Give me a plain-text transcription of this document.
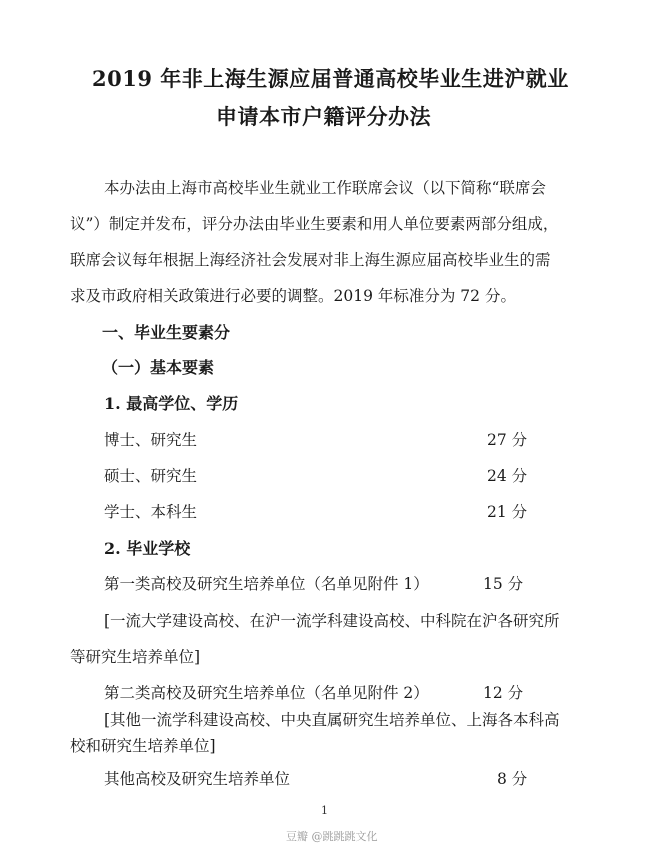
2019 年非上海生源应届普通高校毕业生进沪就业
申请本市户籍评分办法
本办法由上海市高校毕业生就业工作联席会议（以下简称“联席会
议”）制定并发布，评分办法由毕业生要素和用人单位要素两部分组成，
联席会议每年根据上海经济社会发展对非上海生源应届高校毕业生的需
求及市政府相关政策进行必要的调整。2019 年标准分为 72 分。
一、毕业生要素分
（一）基本要素
1. 最高学位、学历
博士、研究生	27 分
硕士、研究生	24 分
学士、本科生	21 分
2. 毕业学校
第一类高校及研究生培养单位（名单见附件 1）	15 分
[一流大学建设高校、在沪一流学科建设高校、中科院在沪各研究所
等研究生培养单位]
第二类高校及研究生培养单位（名单见附件 2）	12 分
[其他一流学科建设高校、中央直属研究生培养单位、上海各本科高
校和研究生培养单位]
其他高校及研究生培养单位	8 分
1
豆瓣 @跳跳跳文化
